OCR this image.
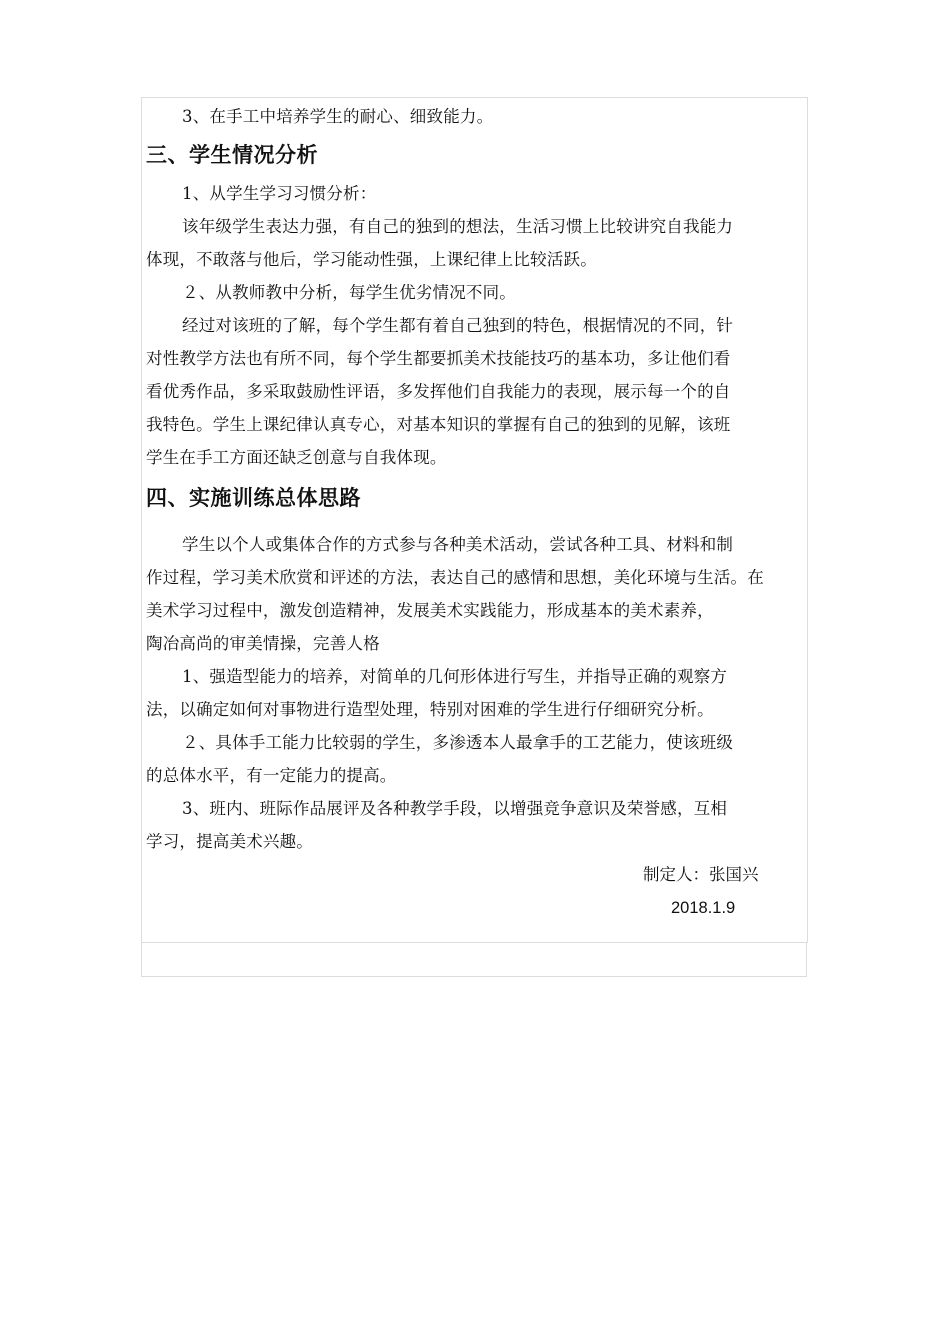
3、在手工中培养学生的耐心、细致能力。
三、学生情况分析
1、从学生学习习惯分析：
该年级学生表达力强，有自己的独到的想法，生活习惯上比较讲究自我能力
体现，不敢落与他后，学习能动性强，上课纪律上比较活跃。
２、从教师教中分析，每学生优劣情况不同。
经过对该班的了解，每个学生都有着自己独到的特色，根据情况的不同，针
对性教学方法也有所不同，每个学生都要抓美术技能技巧的基本功，多让他们看
看优秀作品，多采取鼓励性评语，多发挥他们自我能力的表现，展示每一个的自
我特色。学生上课纪律认真专心，对基本知识的掌握有自己的独到的见解，该班
学生在手工方面还缺乏创意与自我体现。
四、实施训练总体思路
学生以个人或集体合作的方式参与各种美术活动，尝试各种工具、材料和制
作过程，学习美术欣赏和评述的方法，表达自己的感情和思想，美化环境与生活。在
美术学习过程中，激发创造精神，发展美术实践能力，形成基本的美术素养，
陶冶高尚的审美情操，完善人格
1、强造型能力的培养，对简单的几何形体进行写生，并指导正确的观察方
法，以确定如何对事物进行造型处理，特别对困难的学生进行仔细研究分析。
２、具体手工能力比较弱的学生，多渗透本人最拿手的工艺能力，使该班级
的总体水平，有一定能力的提高。
3、班内、班际作品展评及各种教学手段，以增强竞争意识及荣誉感，互相
学习，提高美术兴趣。
制定人：张国兴
2018.1.9
